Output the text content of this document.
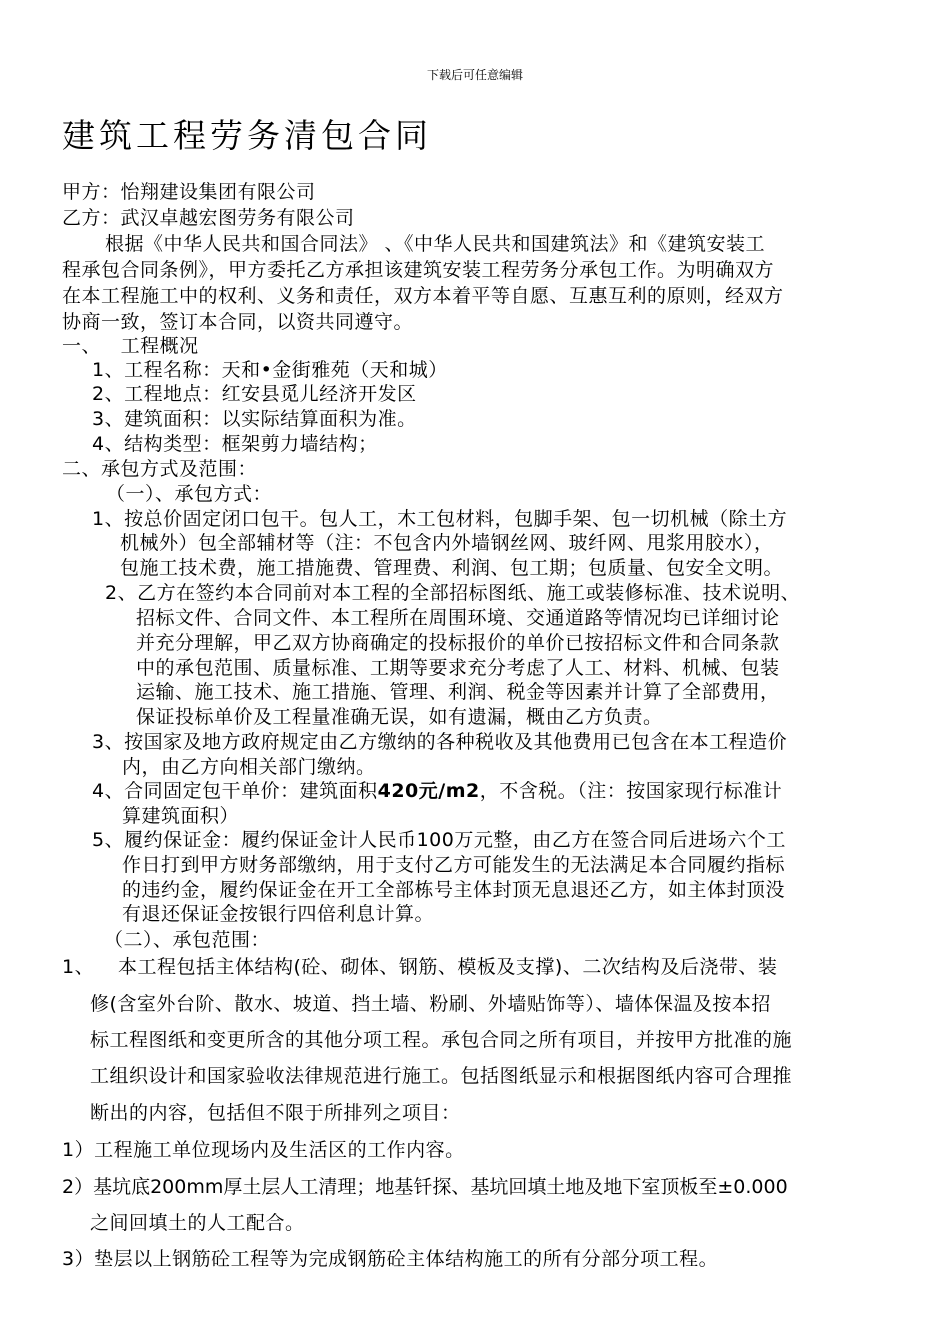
下载后可任意编辑
建筑工程劳务清包合同
甲方：怡翔建设集团有限公司
乙方：武汉卓越宏图劳务有限公司
根据《中华人民共和国合同法》 、《中华人民共和国建筑法》和《建筑安装工
程承包合同条例》，甲方委托乙方承担该建筑安装工程劳务分承包工作。为明确双方
在本工程施工中的权利、义务和责任，双方本着平等自愿、互惠互利的原则，经双方
协商一致，签订本合同，以资共同遵守。
一、   工程概况
1、工程名称：天和•金街雅苑（天和城）
2、工程地点：红安县觅儿经济开发区
3、建筑面积：以实际结算面积为准。
4、结构类型：框架剪力墙结构；
二、承包方式及范围：
（一）、承包方式：
1、按总价固定闭口包干。包人工，木工包材料，包脚手架、包一切机械（除土方
机械外）包全部辅材等（注：不包含内外墙钢丝网、玻纤网、甩浆用胶水），
包施工技术费，施工措施费、管理费、利润、包工期；包质量、包安全文明。
2、乙方在签约本合同前对本工程的全部招标图纸、施工或装修标准、技术说明、
招标文件、合同文件、本工程所在周围环境、交通道路等情况均已详细讨论
并充分理解，甲乙双方协商确定的投标报价的单价已按招标文件和合同条款
中的承包范围、质量标准、工期等要求充分考虑了人工、材料、机械、包装
运输、施工技术、施工措施、管理、利润、税金等因素并计算了全部费用，
保证投标单价及工程量准确无误，如有遗漏，概由乙方负责。
3、按国家及地方政府规定由乙方缴纳的各种税收及其他费用已包含在本工程造价
内，由乙方向相关部门缴纳。
4、合同固定包干单价：建筑面积420元/m2，不含税。（注：按国家现行标准计
算建筑面积）
5、履约保证金：履约保证金计人民币100万元整，由乙方在签合同后进场六个工
作日打到甲方财务部缴纳，用于支付乙方可能发生的无法满足本合同履约指标
的违约金，履约保证金在开工全部栋号主体封顶无息退还乙方，如主体封顶没
有退还保证金按银行四倍利息计算。
（二）、承包范围：
1、 本工程包括主体结构(砼、砌体、钢筋、模板及支撑)、二次结构及后浇带、装
修(含室外台阶、散水、坡道、挡土墙、粉刷、外墙贴饰等）、墙体保温及按本招
标工程图纸和变更所含的其他分项工程。承包合同之所有项目，并按甲方批准的施
工组织设计和国家验收法律规范进行施工。包括图纸显示和根据图纸内容可合理推
断出的内容，包括但不限于所排列之项目：
1）工程施工单位现场内及生活区的工作内容。
2）基坑底200mm厚土层人工清理；地基钎探、基坑回填土地及地下室顶板至±0.000
之间回填土的人工配合。
3）垫层以上钢筋砼工程等为完成钢筋砼主体结构施工的所有分部分项工程。
